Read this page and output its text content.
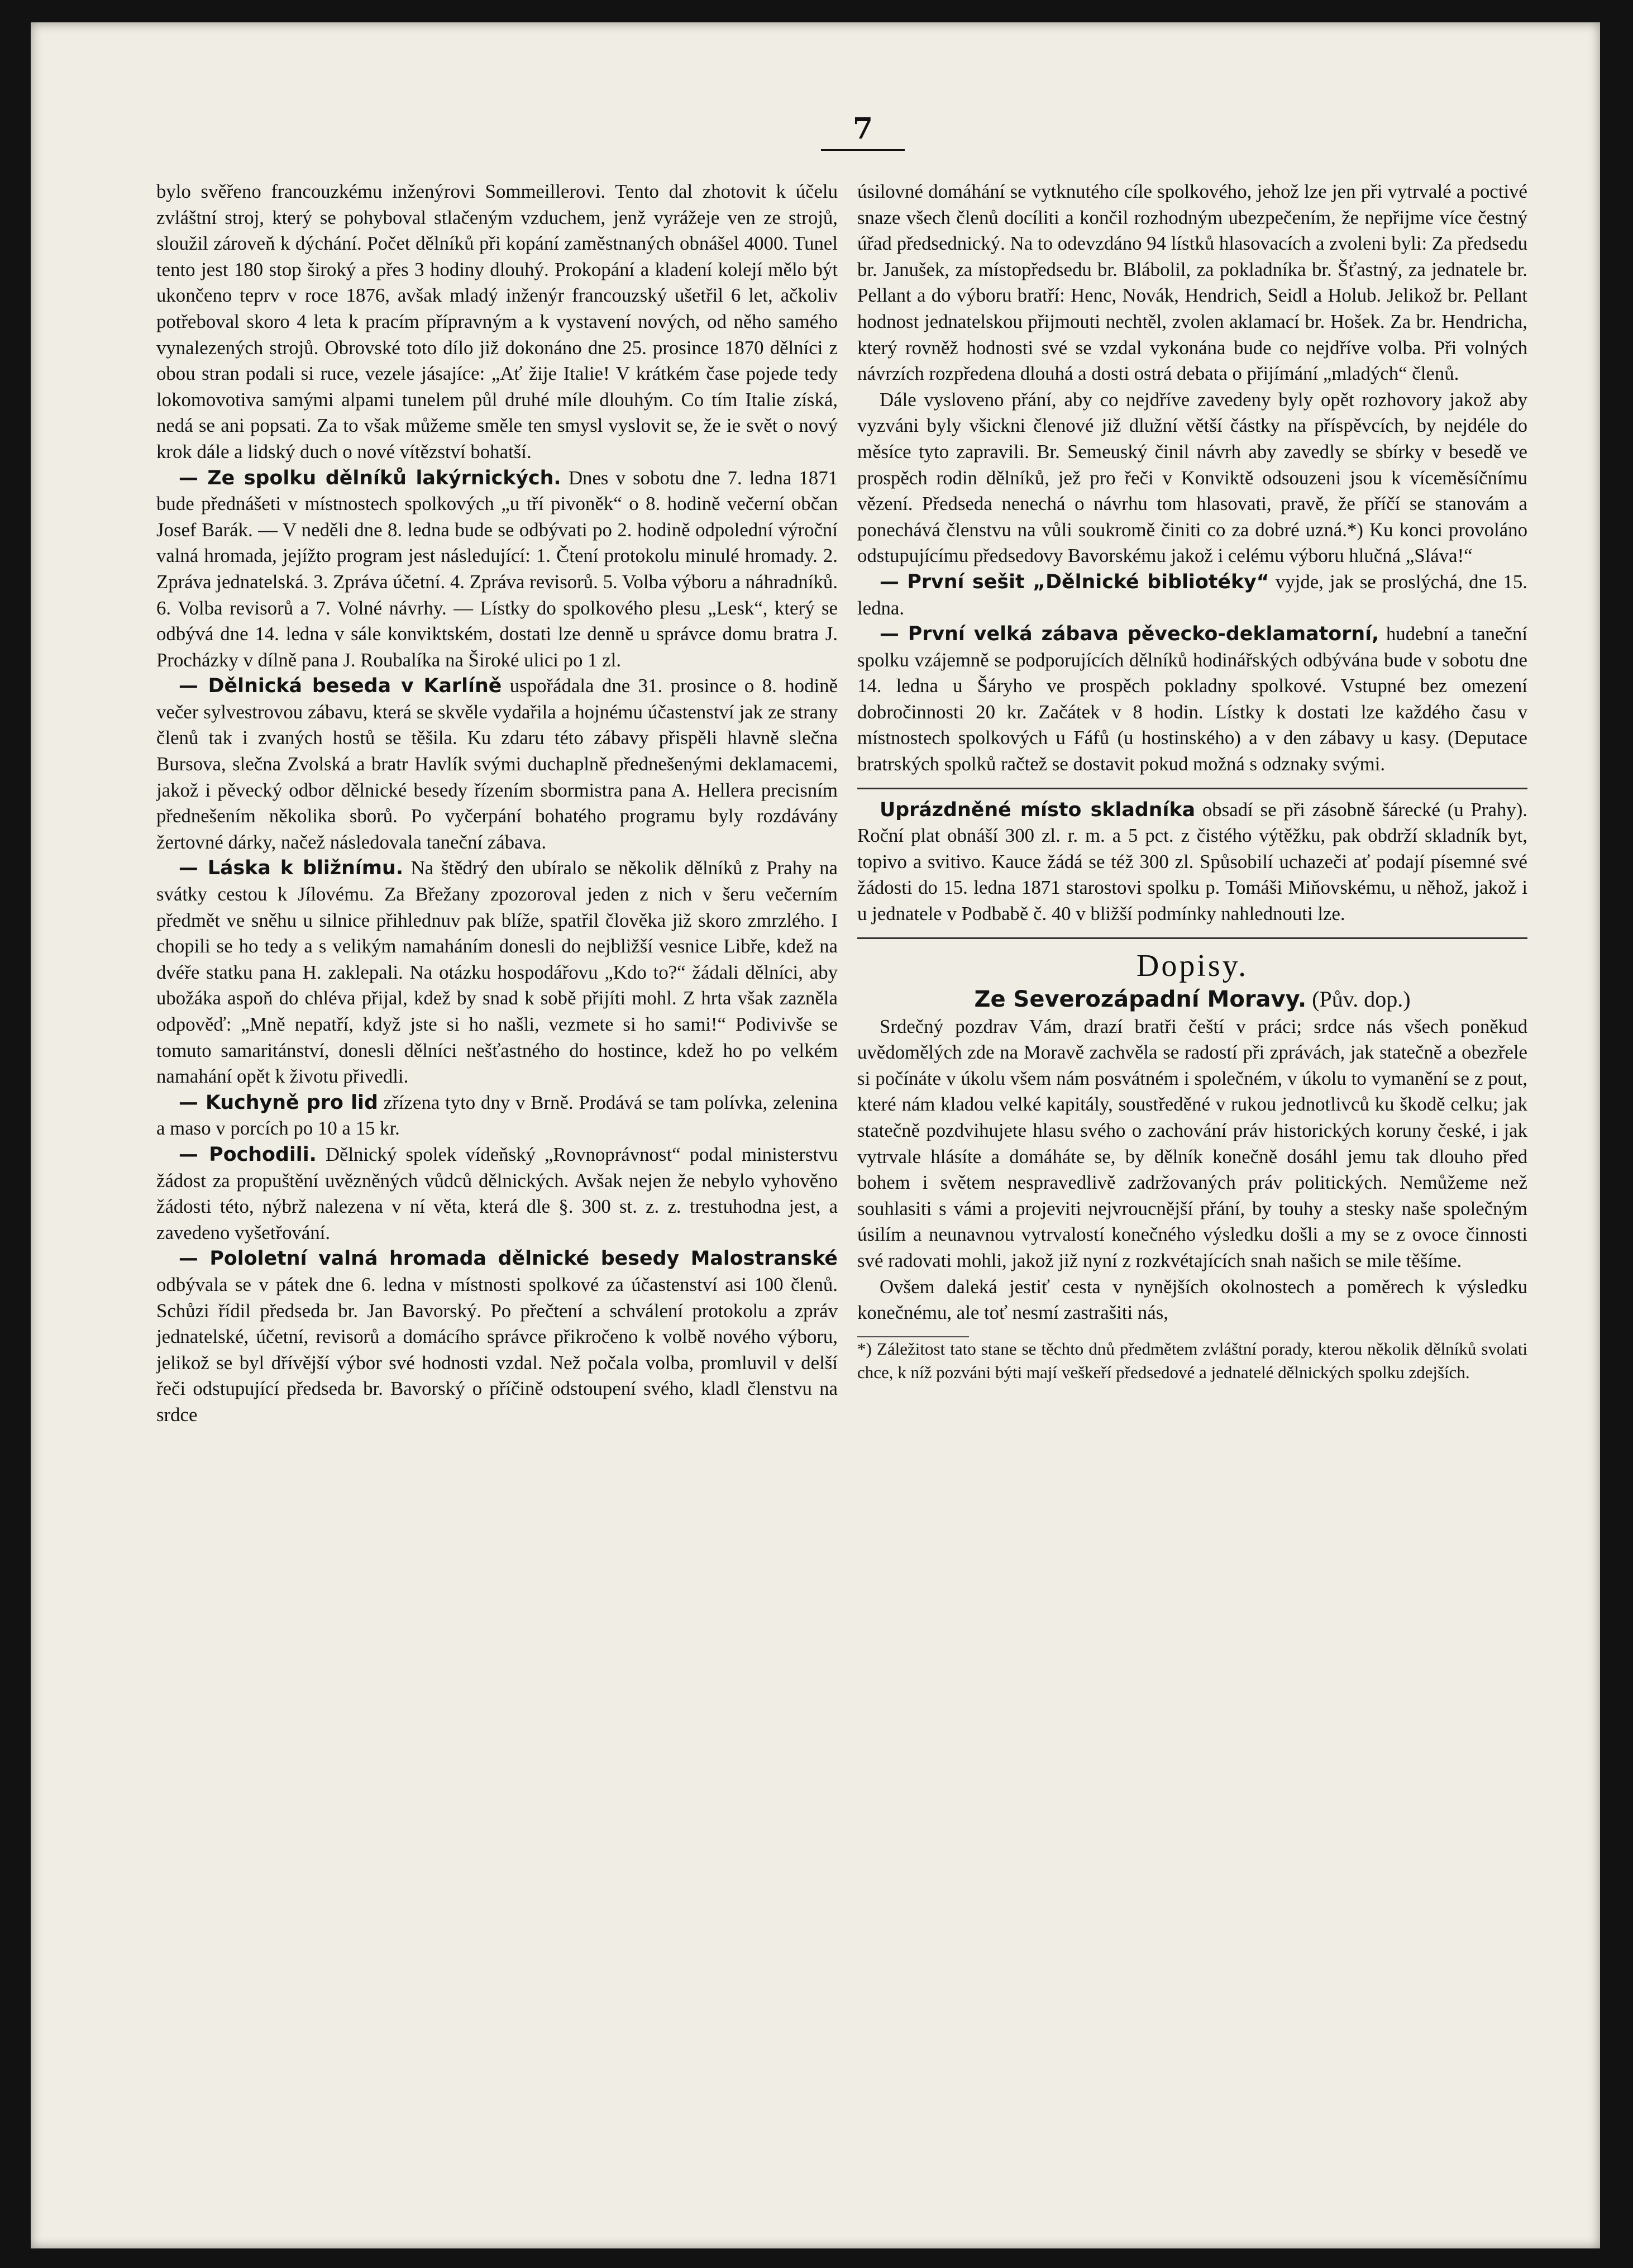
7

bylo svěřeno francouzkému inženýrovi Sommeillerovi. Tento dal zhotovit k účelu zvláštní stroj, který se pohyboval stlačeným vzduchem, jenž vyrážeje ven ze strojů, sloužil zároveň k dýchání. Počet dělníků při kopání zaměstnaných obnášel 4000. Tunel tento jest 180 stop široký a přes 3 hodiny dlouhý. Prokopání a kladení kolejí mělo být ukončeno teprv v roce 1876, avšak mladý inženýr francouzský ušetřil 6 let, ačkoliv potřeboval skoro 4 leta k pracím přípravným a k vystavení nových, od něho samého vynalezených strojů. Obrovské toto dílo již dokonáno dne 25. prosince 1870 dělníci z obou stran podali si ruce, vezele jásajíce: „Ať žije Italie! V krátkém čase pojede tedy lokomovotiva samými alpami tunelem půl druhé míle dlouhým. Co tím Italie získá, nedá se ani popsati. Za to však můžeme směle ten smysl vyslovit se, že ie svět o nový krok dále a lidský duch o nové vítězství bohatší.

— Ze spolku dělníků lakýrnických. Dnes v sobotu dne 7. ledna 1871 bude přednášeti v místnostech spolkových „u tří pivoněk“ o 8. hodině večerní občan Josef Barák. — V neděli dne 8. ledna bude se odbývati po 2. hodině odpolední výroční valná hromada, jejížto program jest následující: 1. Čtení protokolu minulé hromady. 2. Zpráva jednatelská. 3. Zpráva účetní. 4. Zpráva revisorů. 5. Volba výboru a náhradníků. 6. Volba revisorů a 7. Volné návrhy. — Lístky do spolkového plesu „Lesk“, který se odbývá dne 14. ledna v sále konviktském, dostati lze denně u správce domu bratra J. Procházky v dílně pana J. Roubalíka na Široké ulici po 1 zl.

— Dělnická beseda v Karlíně uspořádala dne 31. prosince o 8. hodině večer sylvestrovou zábavu, která se skvěle vydařila a hojnému účastenství jak ze strany členů tak i zvaných hostů se těšila. Ku zdaru této zábavy přispěli hlavně slečna Bursova, slečna Zvolská a bratr Havlík svými duchaplně přednešenými deklamacemi, jakož i pěvecký odbor dělnické besedy řízením sbormistra pana A. Hellera precisním přednešením několika sborů. Po vyčerpání bohatého programu byly rozdávány žertovné dárky, načež následovala taneční zábava.

— Láska k bližnímu. Na štědrý den ubíralo se několik dělníků z Prahy na svátky cestou k Jílovému. Za Břežany zpozoroval jeden z nich v šeru večerním předmět ve sněhu u silnice přihlednuv pak blíže, spatřil člověka již skoro zmrzlého. I chopili se ho tedy a s velikým namaháním donesli do nejbližší vesnice Libře, kdež na dvéře statku pana H. zaklepali. Na otázku hospodářovu „Kdo to?“ žádali dělníci, aby ubožáka aspoň do chléva přijal, kdež by snad k sobě přijíti mohl. Z hrta však zazněla odpověď: „Mně nepatří, když jste si ho našli, vezmete si ho sami!“ Podivivše se tomuto samaritánství, donesli dělníci nešťastného do hostince, kdež ho po velkém namahání opět k životu přivedli.

— Kuchyně pro lid zřízena tyto dny v Brně. Prodává se tam polívka, zelenina a maso v porcích po 10 a 15 kr.

— Pochodili. Dělnický spolek vídeňský „Rovnoprávnost“ podal ministerstvu žádost za propuštění uvězněných vůdců dělnických. Avšak nejen že nebylo vyhověno žádosti této, nýbrž nalezena v ní věta, která dle §. 300 st. z. z. trestuhodna jest, a zavedeno vyšetřování.

— Pololetní valná hromada dělnické besedy Malostranské odbývala se v pátek dne 6. ledna v místnosti spolkové za účastenství asi 100 členů. Schůzi řídil předseda br. Jan Bavorský. Po přečtení a schválení protokolu a zpráv jednatelské, účetní, revisorů a domácího správce přikročeno k volbě nového výboru, jelikož se byl dřívější výbor své hodnosti vzdal. Než počala volba, promluvil v delší řeči odstupující předseda br. Bavorský o příčině odstoupení svého, kladl členstvu na srdce

úsilovné domáhání se vytknutého cíle spolkového, jehož lze jen při vytrvalé a poctivé snaze všech členů docíliti a končil rozhodným ubezpečením, že nepřijme více čestný úřad předsednický. Na to odevzdáno 94 lístků hlasovacích a zvoleni byli: Za předsedu br. Janušek, za místopředsedu br. Blábolil, za pokladníka br. Šťastný, za jednatele br. Pellant a do výboru bratří: Henc, Novák, Hendrich, Seidl a Holub. Jelikož br. Pellant hodnost jednatelskou přijmouti nechtěl, zvolen aklamací br. Hošek. Za br. Hendricha, který rovněž hodnosti své se vzdal vykonána bude co nejdříve volba. Při volných návrzích rozpředena dlouhá a dosti ostrá debata o přijímání „mladých“ členů.

Dále vysloveno přání, aby co nejdříve zavedeny byly opět rozhovory jakož aby vyzváni byly všickni členové již dlužní větší částky na příspěvcích, by nejdéle do měsíce tyto zapravili. Br. Semeuský činil návrh aby zavedly se sbírky v besedě ve prospěch rodin dělníků, jež pro řeči v Konviktě odsouzeni jsou k víceměsíčnímu vězení. Předseda nenechá o návrhu tom hlasovati, pravě, že příčí se stanovám a ponechává členstvu na vůli soukromě činiti co za dobré uzná.*) Ku konci provoláno odstupujícímu předsedovy Bavorskému jakož i celému výboru hlučná „Sláva!“

— První sešit „Dělnické bibliotéky“ vyjde, jak se proslýchá, dne 15. ledna.

— První velká zábava pěvecko-deklamatorní, hudební a taneční spolku vzájemně se podporujících dělníků hodinářských odbývána bude v sobotu dne 14. ledna u Šáryho ve prospěch pokladny spolkové. Vstupné bez omezení dobročinnosti 20 kr. Začátek v 8 hodin. Lístky k dostati lze každého času v místnostech spolkových u Fáfů (u hostinského) a v den zábavy u kasy. (Deputace bratrských spolků račtež se dostavit pokud možná s odznaky svými.

Uprázdněné místo skladníka obsadí se při zásobně šárecké (u Prahy). Roční plat obnáší 300 zl. r. m. a 5 pct. z čistého výtěžku, pak obdrží skladník byt, topivo a svitivo. Kauce žádá se též 300 zl. Spůsobilí uchazeči ať podají písemné své žádosti do 15. ledna 1871 starostovi spolku p. Tomáši Miňovskému, u něhož, jakož i u jednatele v Podbabě č. 40 v bližší podmínky nahlednouti lze.

Dopisy.

Ze Severozápadní Moravy. (Pův. dop.)

Srdečný pozdrav Vám, drazí bratři čeští v práci; srdce nás všech poněkud uvědomělých zde na Moravě zachvěla se radostí při zprávách, jak statečně a obezřele si počínáte v úkolu všem nám posvátném i společném, v úkolu to vymanění se z pout, které nám kladou velké kapitály, soustředěné v rukou jednotlivců ku škodě celku; jak statečně pozdvihujete hlasu svého o zachování práv historických koruny české, i jak vytrvale hlásíte a domáháte se, by dělník konečně dosáhl jemu tak dlouho před bohem i světem nespravedlivě zadržovaných práv politických. Nemůžeme než souhlasiti s vámi a projeviti nejvroucnější přání, by touhy a stesky naše společným úsilím a neunavnou vytrvalostí konečného výsledku došli a my se z ovoce činnosti své radovati mohli, jakož již nyní z rozkvétajících snah našich se mile těšíme.

Ovšem daleká jestiť cesta v nynějších okolnostech a poměrech k výsledku konečnému, ale toť nesmí zastrašiti nás,

*) Záležitost tato stane se těchto dnů předmětem zvláštní porady, kterou několik dělníků svolati chce, k níž pozváni býti mají veškeří předsedové a jednatelé dělnických spolku zdejších.
